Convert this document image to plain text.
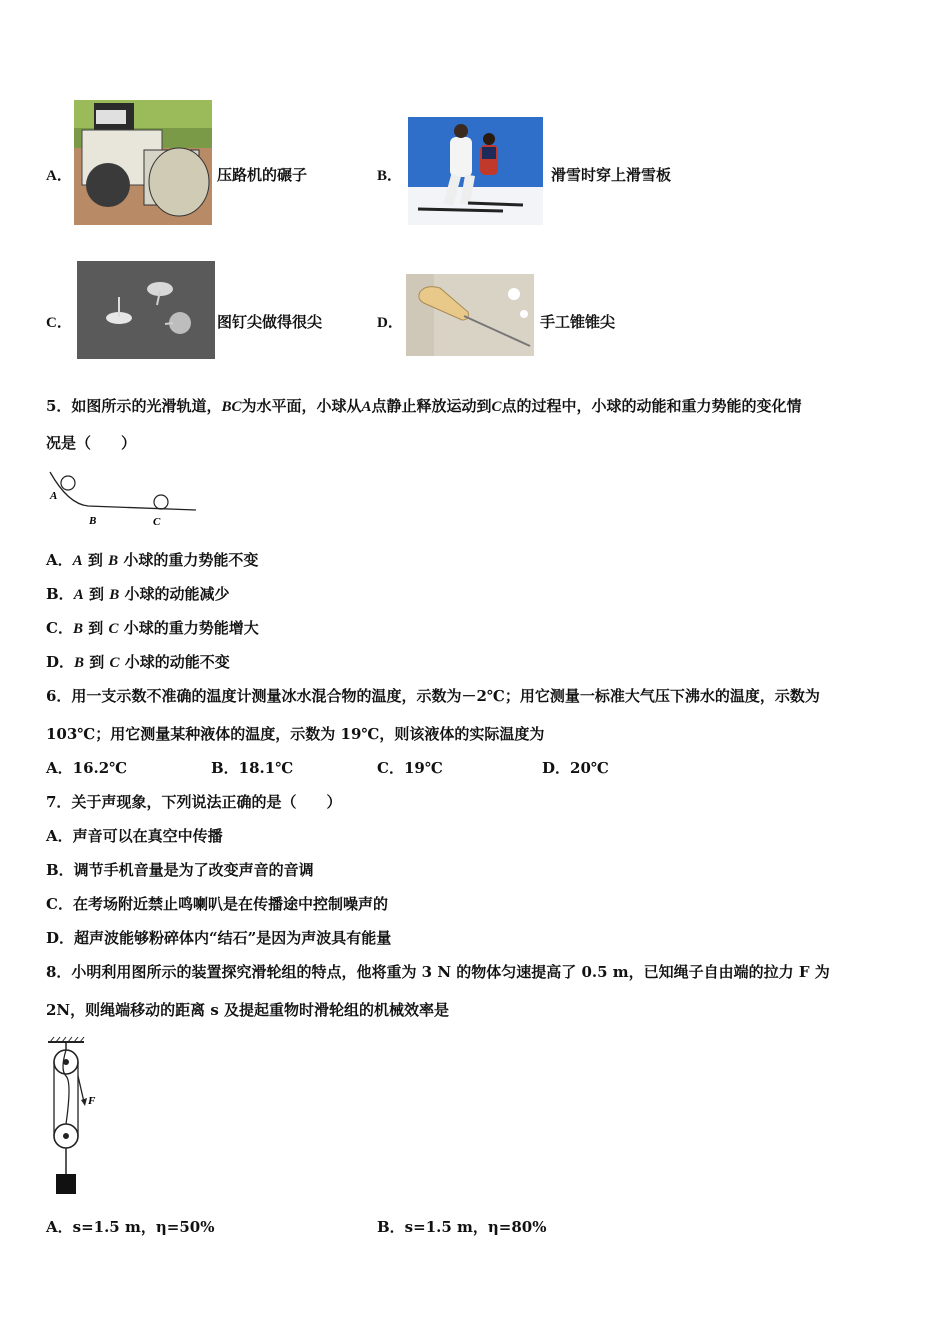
A．	压路机的碾子	B．	滑雪时穿上滑雪板
C．	图钉尖做得很尖	D．	手工锥锥尖
5．如图所示的光滑轨道，BC为水平面，小球从A点静止释放运动到C点的过程中，小球的动能和重力势能的变化情
况是（　　）
A
B	C
A．A 到 B 小球的重力势能不变
B．A 到 B 小球的动能减少
C．B 到 C 小球的重力势能增大
D．B 到 C 小球的动能不变
6．用一支示数不准确的温度计测量冰水混合物的温度，示数为－2℃；用它测量一标准大气压下沸水的温度，示数为
103℃；用它测量某种液体的温度，示数为 19℃，则该液体的实际温度为
A．16.2℃	B．18.1℃	C．19℃	D．20℃
7．关于声现象，下列说法正确的是（　　）
A．声音可以在真空中传播
B．调节手机音量是为了改变声音的音调
C．在考场附近禁止鸣喇叭是在传播途中控制噪声的
D．超声波能够粉碎体内“结石”是因为声波具有能量
8．小明利用图所示的装置探究滑轮组的特点，他将重为 3 N 的物体匀速提高了 0.5 m，已知绳子自由端的拉力 F 为
2N，则绳端移动的距离 s 及提起重物时滑轮组的机械效率是
F
A．s=1.5 m，η=50%	B．s=1.5 m，η=80%
